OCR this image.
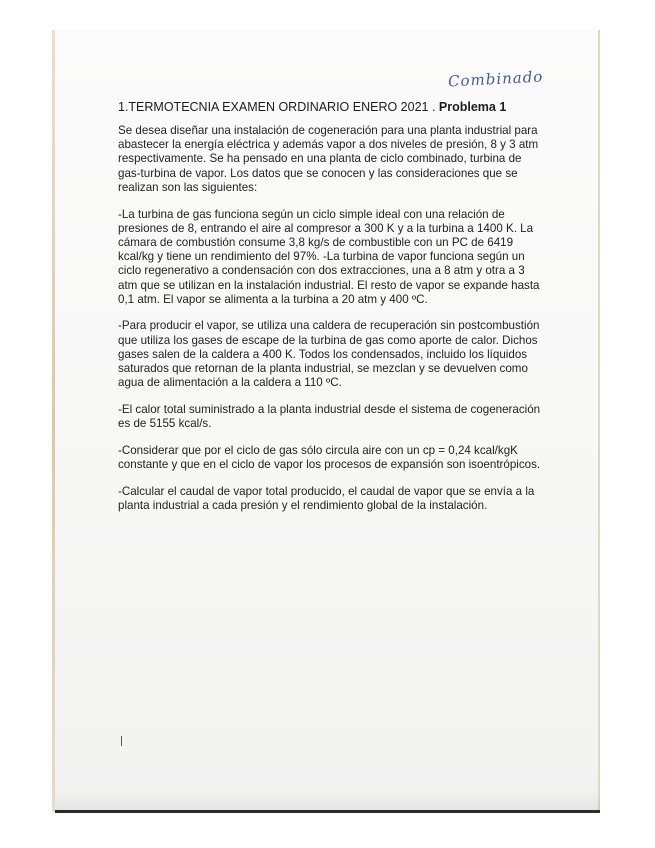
Combinado
1.TERMOTECNIA EXAMEN ORDINARIO ENERO 2021 . Problema 1

Se desea diseñar una instalación de cogeneración para una planta industrial para abastecer la energía eléctrica y además vapor a dos niveles de presión, 8 y 3 atm respectivamente. Se ha pensado en una planta de ciclo combinado, turbina de gas-turbina de vapor. Los datos que se conocen y las consideraciones que se realizan son las siguientes:

-La turbina de gas funciona según un ciclo simple ideal con una relación de presiones de 8, entrando el aire al compresor a 300 K y a la turbina a 1400 K. La cámara de combustión consume 3,8 kg/s de combustible con un PC de 6419 kcal/kg y tiene un rendimiento del 97%. -La turbina de vapor funciona según un ciclo regenerativo a condensación con dos extracciones, una a 8 atm y otra a 3 atm que se utilizan en la instalación industrial. El resto de vapor se expande hasta 0,1 atm. El vapor se alimenta a la turbina a 20 atm y 400 ºC.

-Para producir el vapor, se utiliza una caldera de recuperación sin postcombustión que utiliza los gases de escape de la turbina de gas como aporte de calor. Dichos gases salen de la caldera a 400 K. Todos los condensados, incluido los líquidos saturados que retornan de la planta industrial, se mezclan y se devuelven como agua de alimentación a la caldera a 110 ºC.

-El calor total suministrado a la planta industrial desde el sistema de cogeneración es de 5155 kcal/s.

-Considerar que por el ciclo de gas sólo circula aire con un cp = 0,24 kcal/kgK constante y que en el ciclo de vapor los procesos de expansión son isoentrópicos.

-Calcular el caudal de vapor total producido, el caudal de vapor que se envía a la planta industrial a cada presión y el rendimiento global de la instalación.
